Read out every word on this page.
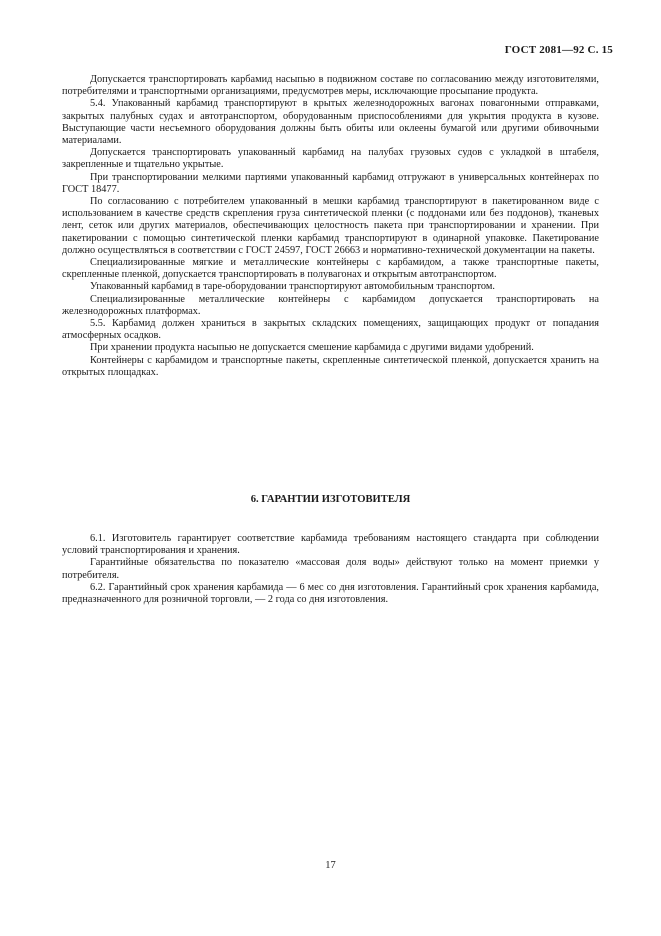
ГОСТ 2081—92 С. 15

Допускается транспортировать карбамид насыпью в подвижном составе по согласованию между изготовителями, потребителями и транспортными организациями, предусмотрев меры, исключающие просыпание продукта.

5.4. Упакованный карбамид транспортируют в крытых железнодорожных вагонах повагонными отправками, закрытых палубных судах и автотранспортом, оборудованным приспособлениями для укрытия продукта в кузове. Выступающие части несъемного оборудования должны быть обиты или оклеены бумагой или другими обивочными материалами.

Допускается транспортировать упакованный карбамид на палубах грузовых судов с укладкой в штабеля, закрепленные и тщательно укрытые.

При транспортировании мелкими партиями упакованный карбамид отгружают в универсальных контейнерах по ГОСТ 18477.

По согласованию с потребителем упакованный в мешки карбамид транспортируют в пакетированном виде с использованием в качестве средств скрепления груза синтетической пленки (с поддонами или без поддонов), тканевых лент, сеток или других материалов, обеспечивающих целостность пакета при транспортировании и хранении. При пакетировании с помощью синтетической пленки карбамид транспортируют в одинарной упаковке. Пакетирование должно осуществляться в соответствии с ГОСТ 24597, ГОСТ 26663 и нормативно-технической документации на пакеты.

Специализированные мягкие и металлические контейнеры с карбамидом, а также транспортные пакеты, скрепленные пленкой, допускается транспортировать в полувагонах и открытым автотранспортом.

Упакованный карбамид в таре-оборудовании транспортируют автомобильным транспортом.

Специализированные металлические контейнеры с карбамидом допускается транспортировать на железнодорожных платформах.

5.5. Карбамид должен храниться в закрытых складских помещениях, защищающих продукт от попадания атмосферных осадков.

При хранении продукта насыпью не допускается смешение карбамида с другими видами удобрений.

Контейнеры с карбамидом и транспортные пакеты, скрепленные синтетической пленкой, допускается хранить на открытых площадках.

6. ГАРАНТИИ ИЗГОТОВИТЕЛЯ

6.1. Изготовитель гарантирует соответствие карбамида требованиям настоящего стандарта при соблюдении условий транспортирования и хранения.

Гарантийные обязательства по показателю «массовая доля воды» действуют только на момент приемки у потребителя.

6.2. Гарантийный срок хранения карбамида — 6 мес со дня изготовления. Гарантийный срок хранения карбамида, предназначенного для розничной торговли, — 2 года со дня изготовления.

17
